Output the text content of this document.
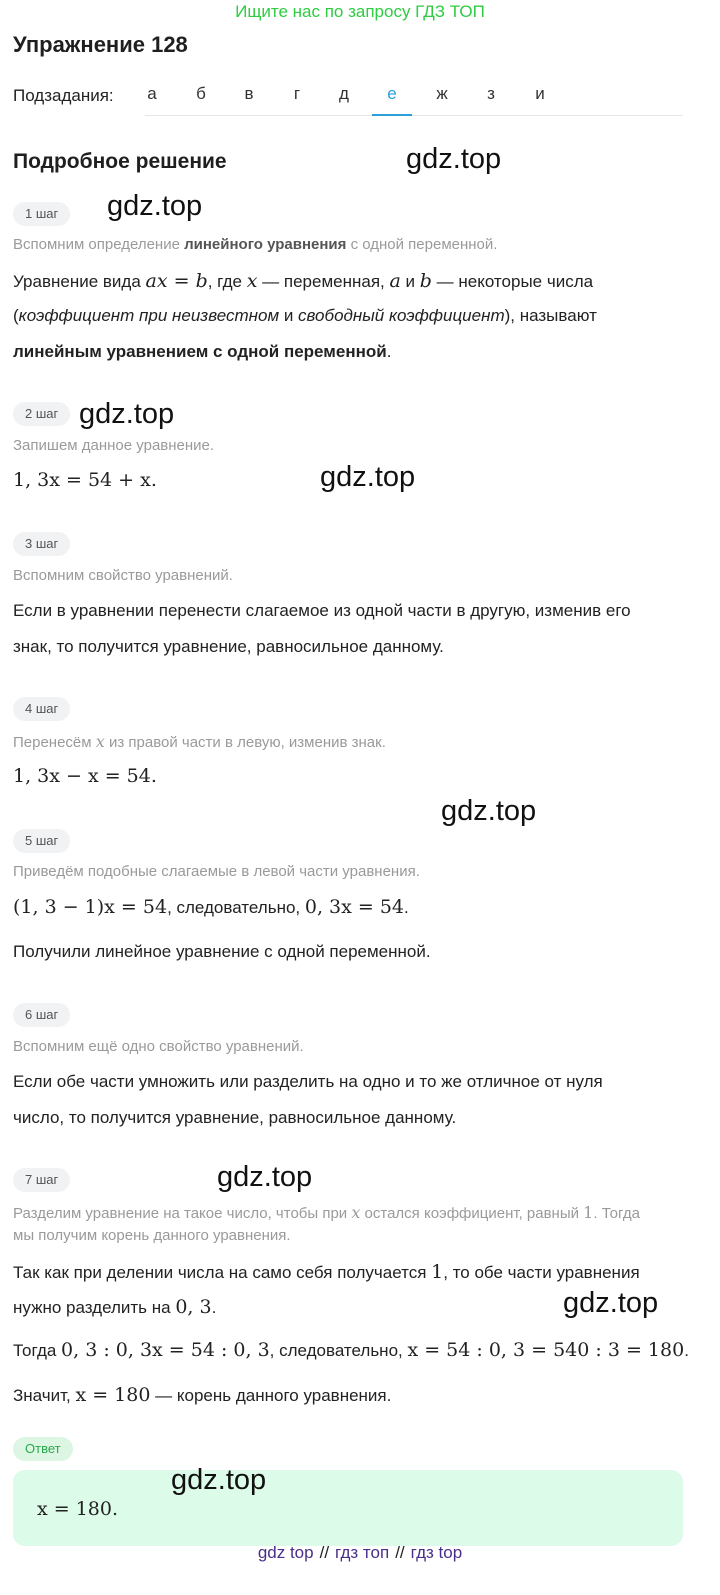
Ищите нас по запросу ГДЗ ТОП
Упражнение 128
Подзадания:	а	б	в	г	д	е	ж	з	и
Подробное решение	gdz.top
gdz.top
gdz.top
gdz.top
gdz.top
gdz.top
gdz.top
1 шаг
Вспомним определение линейного уравнения с одной переменной.
Уравнение вида ax = b, где x — переменная, a и b — некоторые числа
(коэффициент при неизвестном и свободный коэффициент), называют
линейным уравнением с одной переменной.
2 шаг
Запишем данное уравнение.
1, 3x = 54 + x.
3 шаг
Вспомним свойство уравнений.
Если в уравнении перенести слагаемое из одной части в другую, изменив его
знак, то получится уравнение, равносильное данному.
4 шаг
Перенесём x из правой части в левую, изменив знак.
1, 3x − x = 54.
5 шаг
Приведём подобные слагаемые в левой части уравнения.
(1, 3 − 1)x = 54, следовательно, 0, 3x = 54.
Получили линейное уравнение с одной переменной.
6 шаг
Вспомним ещё одно свойство уравнений.
Если обе части умножить или разделить на одно и то же отличное от нуля
число, то получится уравнение, равносильное данному.
7 шаг
Разделим уравнение на такое число, чтобы при x остался коэффициент, равный 1. Тогда
мы получим корень данного уравнения.
Так как при делении числа на само себя получается 1, то обе части уравнения
нужно разделить на 0, 3.
Тогда 0, 3 : 0, 3x = 54 : 0, 3, следовательно, x = 54 : 0, 3 = 540 : 3 = 180.
Значит, x = 180 — корень данного уравнения.
Ответ
x = 180.
gdz.top
gdz top // гдз топ // гдз top
